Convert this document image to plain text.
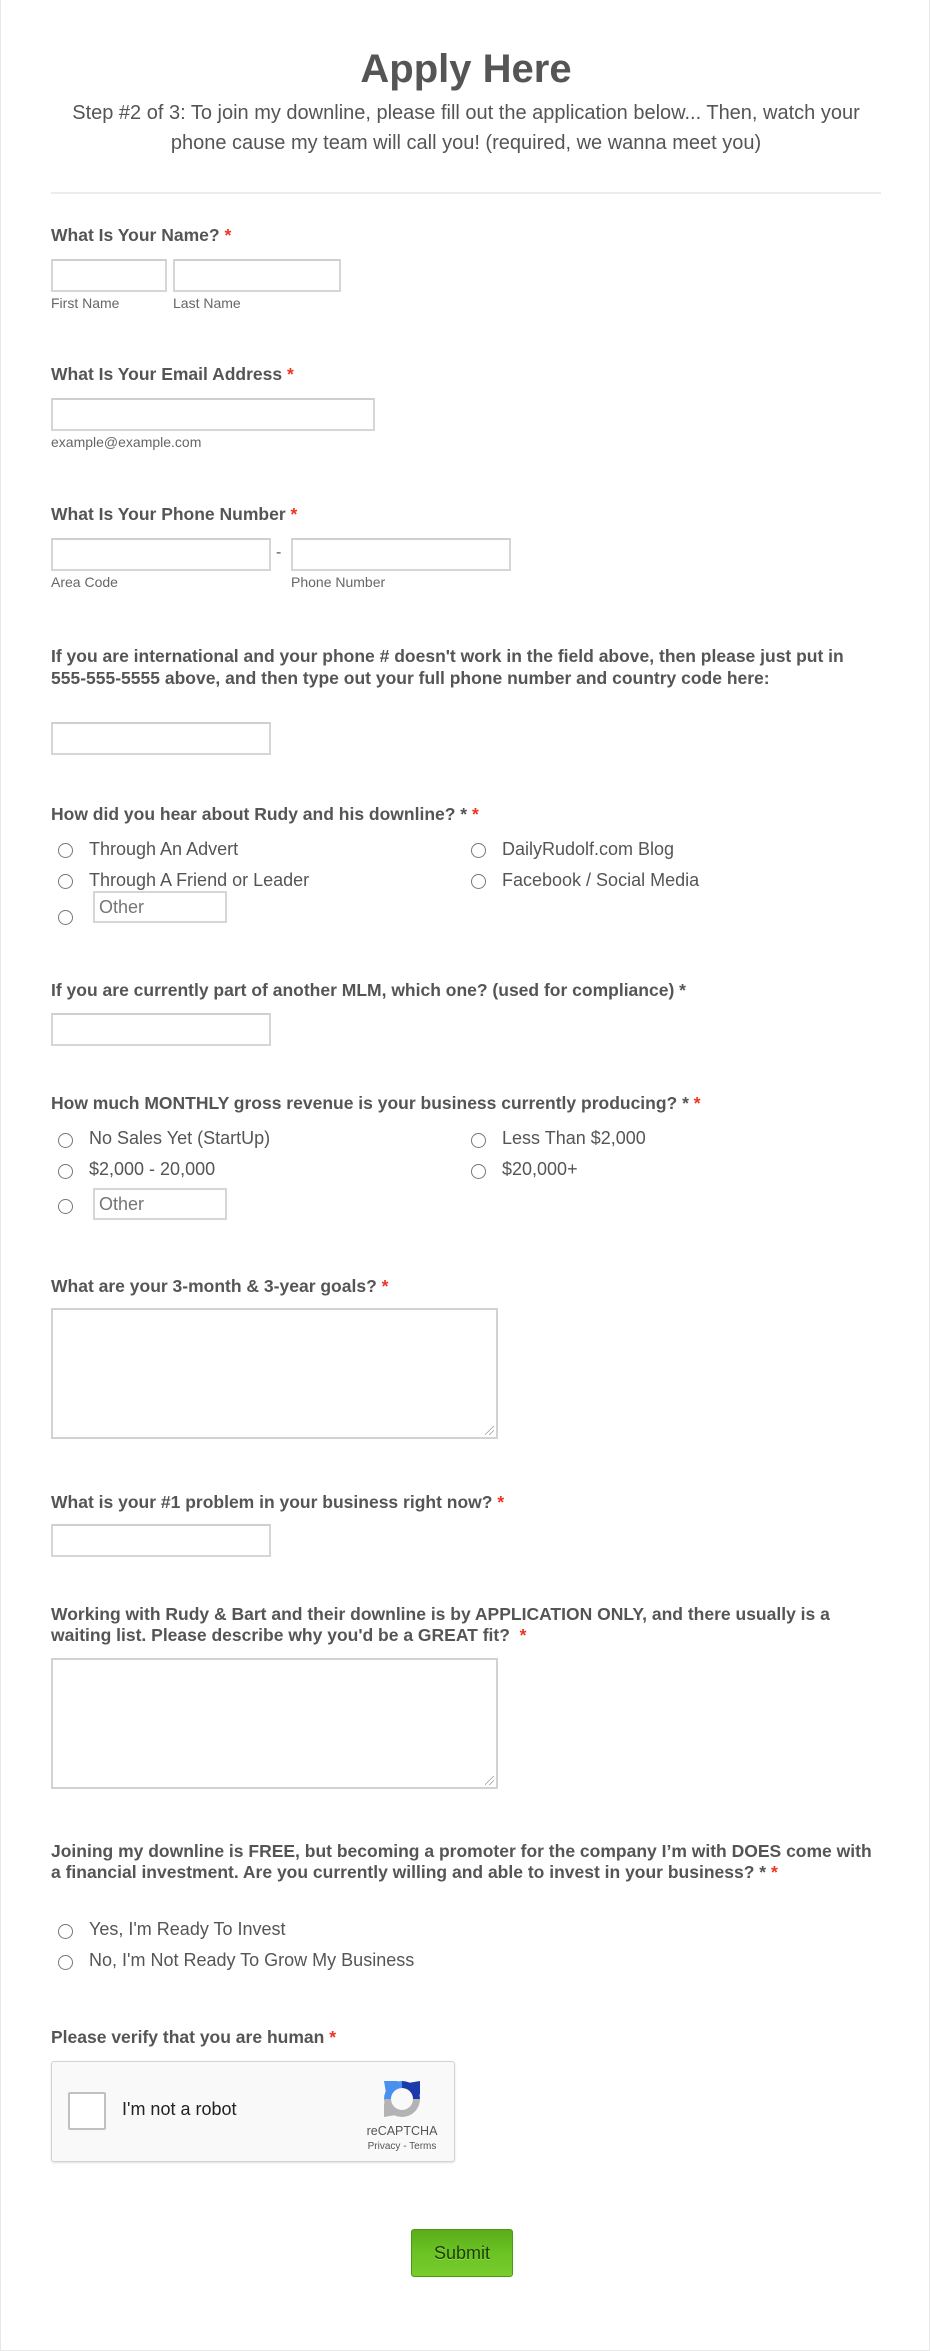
Apply Here
Step #2 of 3: To join my downline, please fill out the application below... Then, watch your phone cause my team will call you! (required, we wanna meet you)
What Is Your Name? *
First Name	Last Name
What Is Your Email Address *
example@example.com
What Is Your Phone Number *
-
Area Code	Phone Number
If you are international and your phone # doesn't work in the field above, then please just put in 555-555-5555 above, and then type out your full phone number and country code here:
How did you hear about Rudy and his downline? * *
Through An Advert	DailyRudolf.com Blog
Through A Friend or Leader	Facebook / Social Media
Other
If you are currently part of another MLM, which one? (used for compliance) *
How much MONTHLY gross revenue is your business currently producing? * *
No Sales Yet (StartUp)	Less Than $2,000
$2,000 - 20,000	$20,000+
Other
What are your 3-month & 3-year goals? *
What is your #1 problem in your business right now? *
Working with Rudy & Bart and their downline is by APPLICATION ONLY, and there usually is a waiting list. Please describe why you'd be a GREAT fit?  *
Joining my downline is FREE, but becoming a promoter for the company I’m with DOES come with a financial investment. Are you currently willing and able to invest in your business? * *
Yes, I'm Ready To Invest
No, I'm Not Ready To Grow My Business
Please verify that you are human *
I'm not a robot
reCAPTCHA
Privacy - Terms
Submit
